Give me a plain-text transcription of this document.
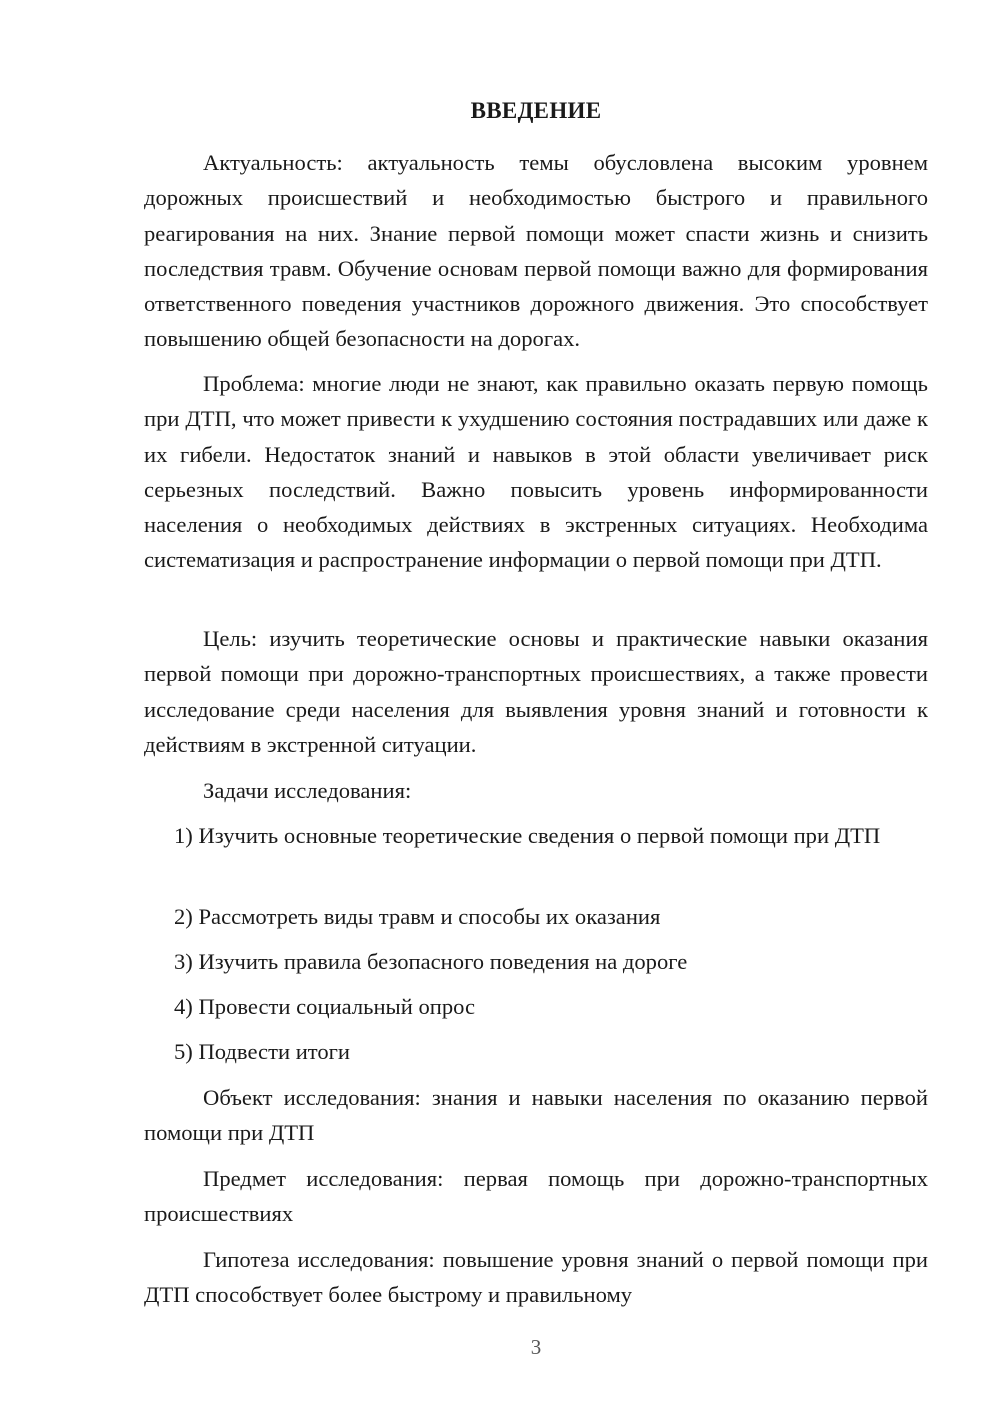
ВВЕДЕНИЕ

Актуальность: актуальность темы обусловлена высоким уровнем дорожных происшествий и необходимостью быстрого и правильного реагирования на них. Знание первой помощи может спасти жизнь и снизить последствия травм. Обучение основам первой помощи важно для формирования ответственного поведения участников дорожного движения. Это способствует повышению общей безопасности на дорогах.

Проблема: многие люди не знают, как правильно оказать первую помощь при ДТП, что может привести к ухудшению состояния пострадавших или даже к их гибели. Недостаток знаний и навыков в этой области увеличивает риск серьезных последствий. Важно повысить уровень информированности населения о необходимых действиях в экстренных ситуациях. Необходима систематизация и распространение информации о первой помощи при ДТП.

Цель: изучить теоретические основы и практические навыки оказания первой помощи при дорожно-транспортных происшествиях, а также провести исследование среди населения для выявления уровня знаний и готовности к действиям в экстренной ситуации.

Задачи исследования:

1) Изучить основные теоретические сведения о первой помощи при ДТП

2) Рассмотреть виды травм и способы их оказания

3) Изучить правила безопасного поведения на дороге

4) Провести социальный опрос

5) Подвести итоги

Объект исследования: знания и навыки населения по оказанию первой помощи при ДТП

Предмет исследования: первая помощь при дорожно-транспортных происшествиях

Гипотеза исследования: повышение уровня знаний о первой помощи при ДТП способствует более быстрому и правильному

3
